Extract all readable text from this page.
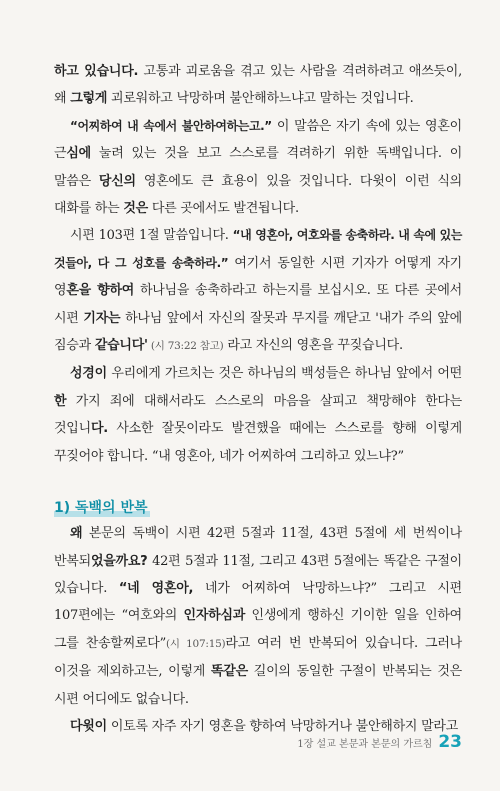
하고 있습니다. 고통과 괴로움을 겪고 있는 사람을 격려하려고 애쓰듯이, 왜 그렇게 괴로워하고 낙망하며 불안해하느냐고 말하는 것입니다.

“어찌하여 내 속에서 불안하여하는고.” 이 말씀은 자기 속에 있는 영혼이 근심에 눌려 있는 것을 보고 스스로를 격려하기 위한 독백입니다. 이 말씀은 당신의 영혼에도 큰 효용이 있을 것입니다. 다윗이 이런 식의 대화를 하는 것은 다른 곳에서도 발견됩니다.

시편 103편 1절 말씀입니다. “내 영혼아, 여호와를 송축하라. 내 속에 있는 것들아, 다 그 성호를 송축하라.” 여기서 동일한 시편 기자가 어떻게 자기 영혼을 향하여 하나님을 송축하라고 하는지를 보십시오. 또 다른 곳에서 시편 기자는 하나님 앞에서 자신의 잘못과 무지를 깨닫고 '내가 주의 앞에 짐승과 같습니다' (시 73:22 참고) 라고 자신의 영혼을 꾸짖습니다.

성경이 우리에게 가르치는 것은 하나님의 백성들은 하나님 앞에서 어떤 한 가지 죄에 대해서라도 스스로의 마음을 살피고 책망해야 한다는 것입니다. 사소한 잘못이라도 발견했을 때에는 스스로를 향해 이렇게 꾸짖어야 합니다. “내 영혼아, 네가 어찌하여 그리하고 있느냐?”

1) 독백의 반복

왜 본문의 독백이 시편 42편 5절과 11절, 43편 5절에 세 번씩이나 반복되었을까요? 42편 5절과 11절, 그리고 43편 5절에는 똑같은 구절이 있습니다. “네 영혼아, 네가 어찌하여 낙망하느냐?” 그리고 시편 107편에는 “여호와의 인자하심과 인생에게 행하신 기이한 일을 인하여 그를 찬송할찌로다”(시 107:15)라고 여러 번 반복되어 있습니다. 그러나 이것을 제외하고는, 이렇게 똑같은 길이의 동일한 구절이 반복되는 것은 시편 어디에도 없습니다.

다윗이 이토록 자주 자기 영혼을 향하여 낙망하거나 불안해하지 말라고

1장 설교 본문과 본문의 가르침 23
